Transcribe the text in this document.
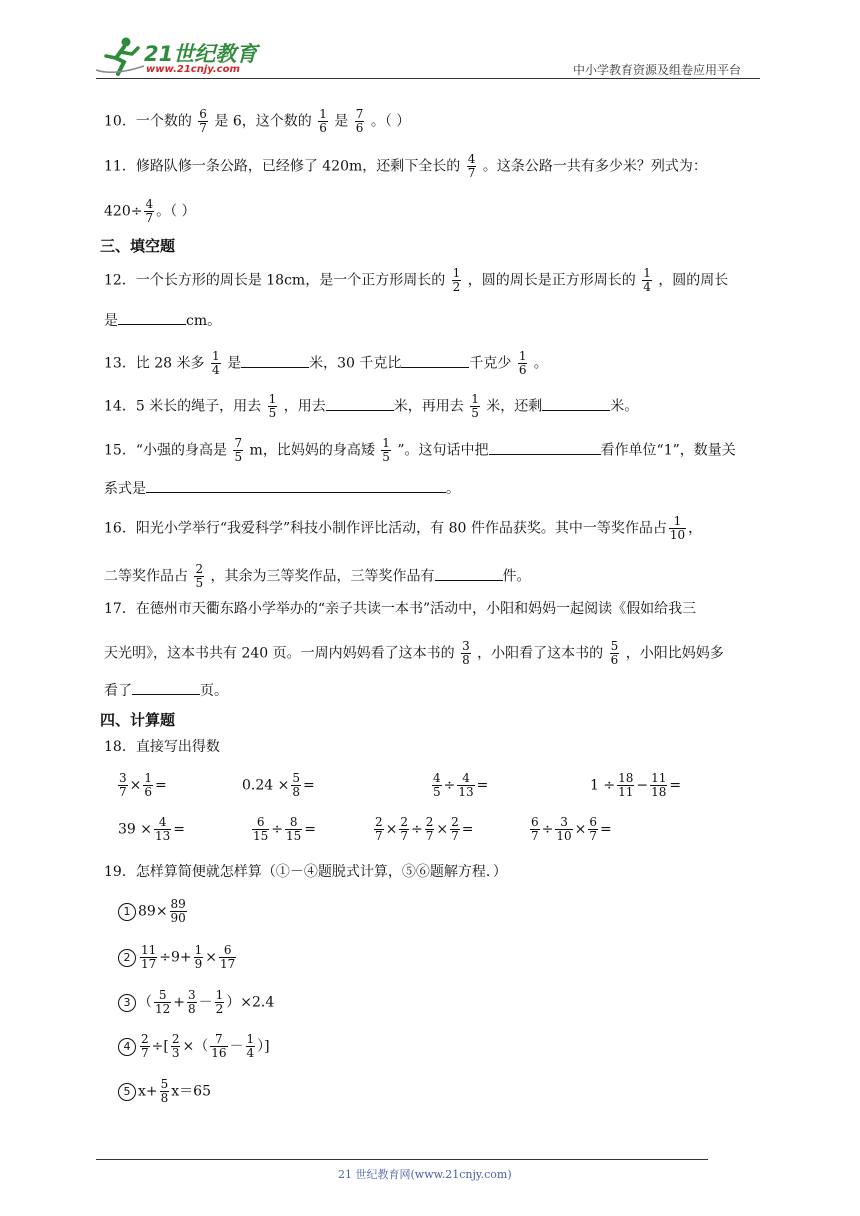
21世纪教育
www.21cnjy.com	中小学教育资源及组卷应用平台
10．一个数的 $\frac{6}{7}$ 是 6，这个数的 $\frac{1}{6}$ 是 $\frac{7}{6}$ 。（ ）
11．修路队修一条公路，已经修了 420m，还剩下全长的 $\frac{4}{7}$ 。这条公路一共有多少米？列式为：
$420\div \frac{4}{7}$ 。（ ）
三、填空题
12．一个长方形的周长是 18cm，是一个正方形周长的 $\frac{1}{2}$ ，圆的周长是正方形周长的 $\frac{1}{4}$ ，圆的周长
是	cm。
13．比 28 米多 $\frac{1}{4}$ 是	米，30 千克比	千克少 $\frac{1}{6}$ 。
14．5 米长的绳子，用去 $\frac{1}{5}$ ，用去	米，再用去 $\frac{1}{5}$ 米，还剩	米。
15．“小强的身高是 $\frac{7}{5}$ m，比妈妈的身高矮 $\frac{1}{5}$ ”。这句话中把	看作单位“1”，数量关
系式是	。
16．阳光小学举行“我爱科学”科技小制作评比活动，有 80 件作品获奖。其中一等奖作品占 $\frac{1}{10}$ ，
二等奖作品占 $\frac{2}{5}$ ，其余为三等奖作品，三等奖作品有	件。
17．在德州市天衢东路小学举办的“亲子共读一本书”活动中，小阳和妈妈一起阅读《假如给我三
天光明》，这本书共有 240 页。一周内妈妈看了这本书的 $\frac{3}{8}$ ，小阳看了这本书的 $\frac{5}{6}$ ，小阳比妈妈多
看了	页。
四、计算题
18．直接写出得数
$\frac{3}{7} \times \frac{1}{6}$ =	$0.24 \times \frac{5}{8}$ =	$\frac{4}{5} \div \frac{4}{13}$ =	$1 \div \frac{18}{11} - \frac{11}{18}$ =
$39 \times \frac{4}{13}$ =	$\frac{6}{15} \div \frac{8}{15}$ =	$\frac{2}{7} \times \frac{2}{7} \div \frac{2}{7} \times \frac{2}{7}$ =	$\frac{6}{7} \div \frac{3}{10} \times \frac{6}{7}$ =
19．怎样算简便就怎样算（①－④题脱式计算，⑤⑥题解方程．）
1 $89\times \frac{89}{90}$
$2 \frac{11}{17} \div 9+ \frac{1}{9} \times \frac{6}{17}$
3 （ $\frac{5}{12} + \frac{3}{8} - \frac{1}{2} )\times 2.4$
$4 \frac{2}{7}$ ÷[ $\frac{2}{3}$ ×（ $\frac{7}{16} - \frac{1}{4}$ ）]
5 $x+ \frac{5}{8} x=65$
21 世纪教育网(www.21cnjy.com)
